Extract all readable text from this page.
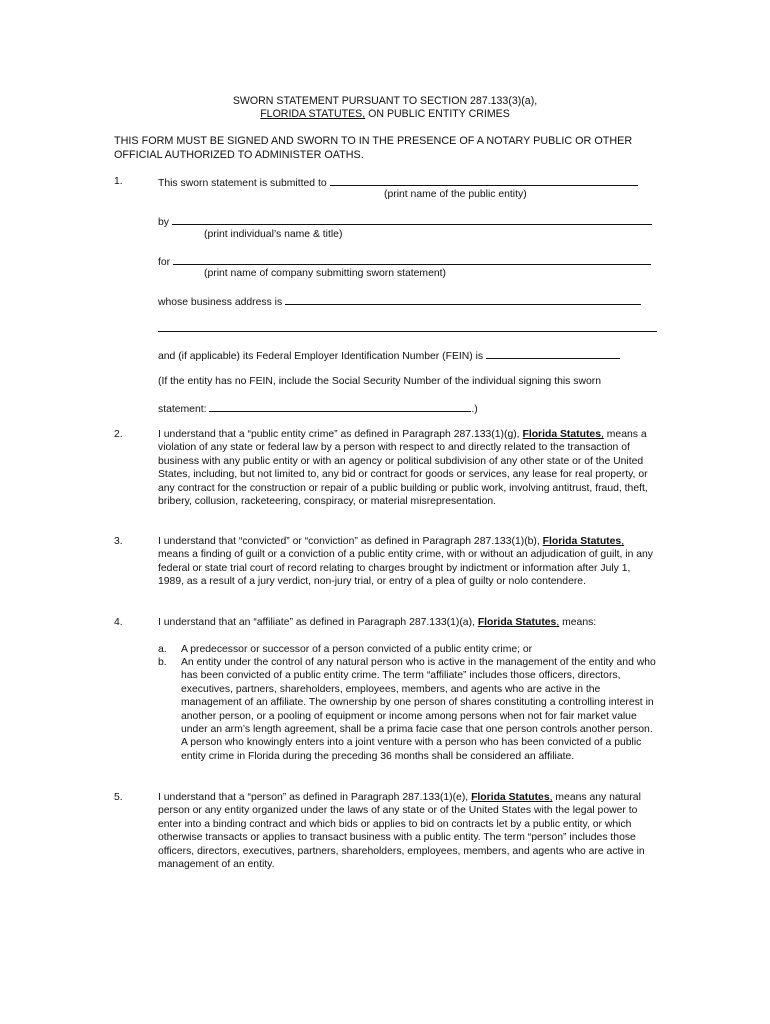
SWORN STATEMENT PURSUANT TO SECTION 287.133(3)(a),
FLORIDA STATUTES, ON PUBLIC ENTITY CRIMES
THIS FORM MUST BE SIGNED AND SWORN TO IN THE PRESENCE OF A NOTARY PUBLIC OR OTHER OFFICIAL AUTHORIZED TO ADMINISTER OATHS.
1.	This sworn statement is submitted to
(print name of the public entity)
by
(print individual’s name & title)
for
(print name of company submitting sworn statement)
whose business address is
and (if applicable) its Federal Employer Identification Number (FEIN) is
(If the entity has no FEIN, include the Social Security Number of the individual signing this sworn
statement:	.)
2.	I understand that a “public entity crime” as defined in Paragraph 287.133(1)(g), Florida Statutes, means a violation of any state or federal law by a person with respect to and directly related to the transaction of business with any public entity or with an agency or political subdivision of any other state or of the United States, including, but not limited to, any bid or contract for goods or services, any lease for real property, or any contract for the construction or repair of a public building or public work, involving antitrust, fraud, theft, bribery, collusion, racketeering, conspiracy, or material misrepresentation.
3.	I understand that “convicted” or “conviction” as defined in Paragraph 287.133(1)(b), Florida Statutes, means a finding of guilt or a conviction of a public entity crime, with or without an adjudication of guilt, in any federal or state trial court of record relating to charges brought by indictment or information after July 1, 1989, as a result of a jury verdict, non-jury trial, or entry of a plea of guilty or nolo contendere.
4.	I understand that an “affiliate” as defined in Paragraph 287.133(1)(a), Florida Statutes, means:
a. A predecessor or successor of a person convicted of a public entity crime; or
b. An entity under the control of any natural person who is active in the management of the entity and who has been convicted of a public entity crime. The term “affiliate” includes those officers, directors, executives, partners, shareholders, employees, members, and agents who are active in the management of an affiliate. The ownership by one person of shares constituting a controlling interest in another person, or a pooling of equipment or income among persons when not for fair market value under an arm’s length agreement, shall be a prima facie case that one person controls another person. A person who knowingly enters into a joint venture with a person who has been convicted of a public entity crime in Florida during the preceding 36 months shall be considered an affiliate.
5.	I understand that a “person” as defined in Paragraph 287.133(1)(e), Florida Statutes, means any natural person or any entity organized under the laws of any state or of the United States with the legal power to enter into a binding contract and which bids or applies to bid on contracts let by a public entity, or which otherwise transacts or applies to transact business with a public entity. The term “person” includes those officers, directors, executives, partners, shareholders, employees, members, and agents who are active in management of an entity.
